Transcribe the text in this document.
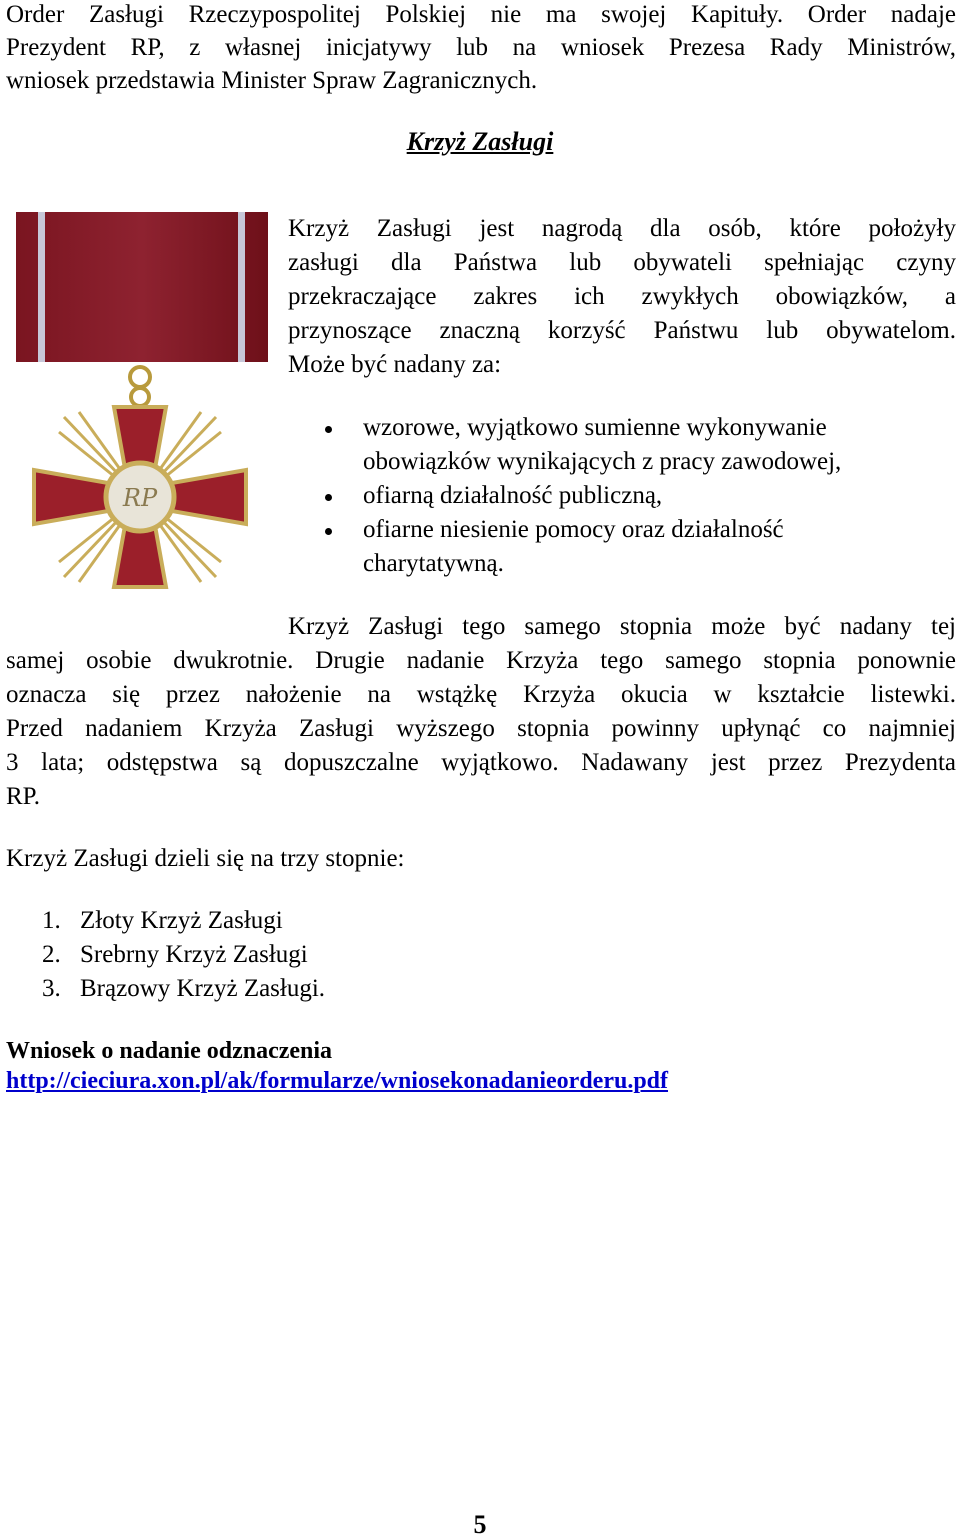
Order Zasługi Rzeczypospolitej Polskiej nie ma swojej Kapituły. Order nadaje
Prezydent RP, z własnej inicjatywy lub na wniosek Prezesa Rady Ministrów,
wniosek przedstawia Minister Spraw Zagranicznych.
Krzyż Zasługi
RP
Krzyż Zasługi jest nagrodą dla osób, które położyły
zasługi dla Państwa lub obywateli spełniając czyny
przekraczające zakres ich zwykłych obowiązków, a
przynoszące znaczną korzyść Państwu lub obywatelom.
Może być nadany za:
wzorowe, wyjątkowo sumienne wykonywanie
obowiązków wynikających z pracy zawodowej,
ofiarną działalność publiczną,
ofiarne niesienie pomocy oraz działalność
charytatywną.
Krzyż Zasługi tego samego stopnia może być nadany tej
samej osobie dwukrotnie. Drugie nadanie Krzyża tego samego stopnia ponownie
oznacza się przez nałożenie na wstążkę Krzyża okucia w kształcie listewki.
Przed nadaniem Krzyża Zasługi wyższego stopnia powinny upłynąć co najmniej
3 lata; odstępstwa są dopuszczalne wyjątkowo. Nadawany jest przez Prezydenta
RP.
Krzyż Zasługi dzieli się na trzy stopnie:
1. Złoty Krzyż Zasługi
2. Srebrny Krzyż Zasługi
3. Brązowy Krzyż Zasługi.
Wniosek o nadanie odznaczenia
http://cieciura.xon.pl/ak/formularze/wniosekonadanieorderu.pdf
5
